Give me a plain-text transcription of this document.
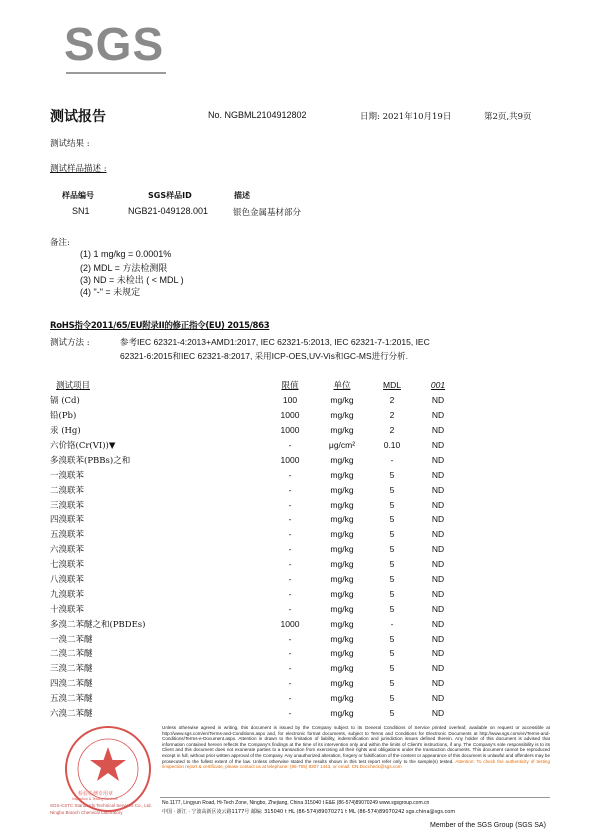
SGS
测试报告	No. NGBML2104912802	日期: 2021年10月19日	第2页,共9页
测试结果 :
测试样品描述 :
样品编号	SGS样品ID	描述
SN1	NGB21-049128.001	银色金属基材部分
备注:
(1) 1 mg/kg = 0.0001%
(2) MDL = 方法检测限
(3) ND = 未检出 ( < MDL )
(4) "-" = 未规定
RoHS指令2011/65/EU附录II的修正指令(EU) 2015/863
测试方法 :	参考IEC 62321-4:2013+AMD1:2017, IEC 62321-5:2013, IEC 62321-7-1:2015, IEC
62321-6:2015和IEC 62321-8:2017, 采用ICP-OES,UV-Vis和GC-MS进行分析.
测试项目	限值	单位	MDL	001
镉 (Cd)	100	mg/kg	2	ND
铅(Pb)	1000	mg/kg	2	ND
汞 (Hg)	1000	mg/kg	2	ND
六价铬(Cr(VI))▼	-	μg/cm²	0.10	ND
多溴联苯(PBBs)之和	1000	mg/kg	-	ND
一溴联苯	-	mg/kg	5	ND
二溴联苯	-	mg/kg	5	ND
三溴联苯	-	mg/kg	5	ND
四溴联苯	-	mg/kg	5	ND
五溴联苯	-	mg/kg	5	ND
六溴联苯	-	mg/kg	5	ND
七溴联苯	-	mg/kg	5	ND
八溴联苯	-	mg/kg	5	ND
九溴联苯	-	mg/kg	5	ND
十溴联苯	-	mg/kg	5	ND
多溴二苯醚之和(PBDEs)	1000	mg/kg	-	ND
一溴二苯醚	-	mg/kg	5	ND
二溴二苯醚	-	mg/kg	5	ND
三溴二苯醚	-	mg/kg	5	ND
四溴二苯醚	-	mg/kg	5	ND
五溴二苯醚	-	mg/kg	5	ND
六溴二苯醚	-	mg/kg	5	ND
检验检测专用章
Inspection & Testing Services
SGS-CSTC Standards Technical Services Co., Ltd.
Ningbo Branch Chemical Laboratory
Unless otherwise agreed in writing, this document is issued by the Company subject to its General Conditions of Service printed overleaf, available on request or accessible at http://www.sgs.com/en/Terms-and-Conditions.aspx and, for electronic format documents, subject to Terms and Conditions for Electronic Documents at http://www.sgs.com/en/Terms-and-Conditions/Terms-e-Document.aspx. Attention is drawn to the limitation of liability, indemnification and jurisdiction issues defined therein. Any holder of this document is advised that information contained hereon reflects the Company's findings at the time of its intervention only and within the limits of Client's instructions, if any. The Company's sole responsibility is to its Client and this document does not exonerate parties to a transaction from exercising all their rights and obligations under the transaction documents. This document cannot be reproduced except in full, without prior written approval of the Company. Any unauthorized alteration, forgery or falsification of the content or appearance of this document is unlawful and offenders may be prosecuted to the fullest extent of the law. Unless otherwise stated the results shown in this test report refer only to the sample(s) tested. Attention: To check the authenticity of testing /inspection report & certificate, please contact us at telephone: (86-755) 8307 1443, or email: CN.Doccheck@sgs.com
No.1177, Lingyun Road, Hi-Tech Zone, Ningbo, Zhejiang, China 315040 t E&E (86-574)89070249 www.sgsgroup.com.cn
中国 · 浙江 · 宁波高新区凌云路1177号 邮编: 315040 t HL (86-574)89070271 t ML (86-574)89070242 sgs.china@sgs.com
Member of the SGS Group (SGS SA)
